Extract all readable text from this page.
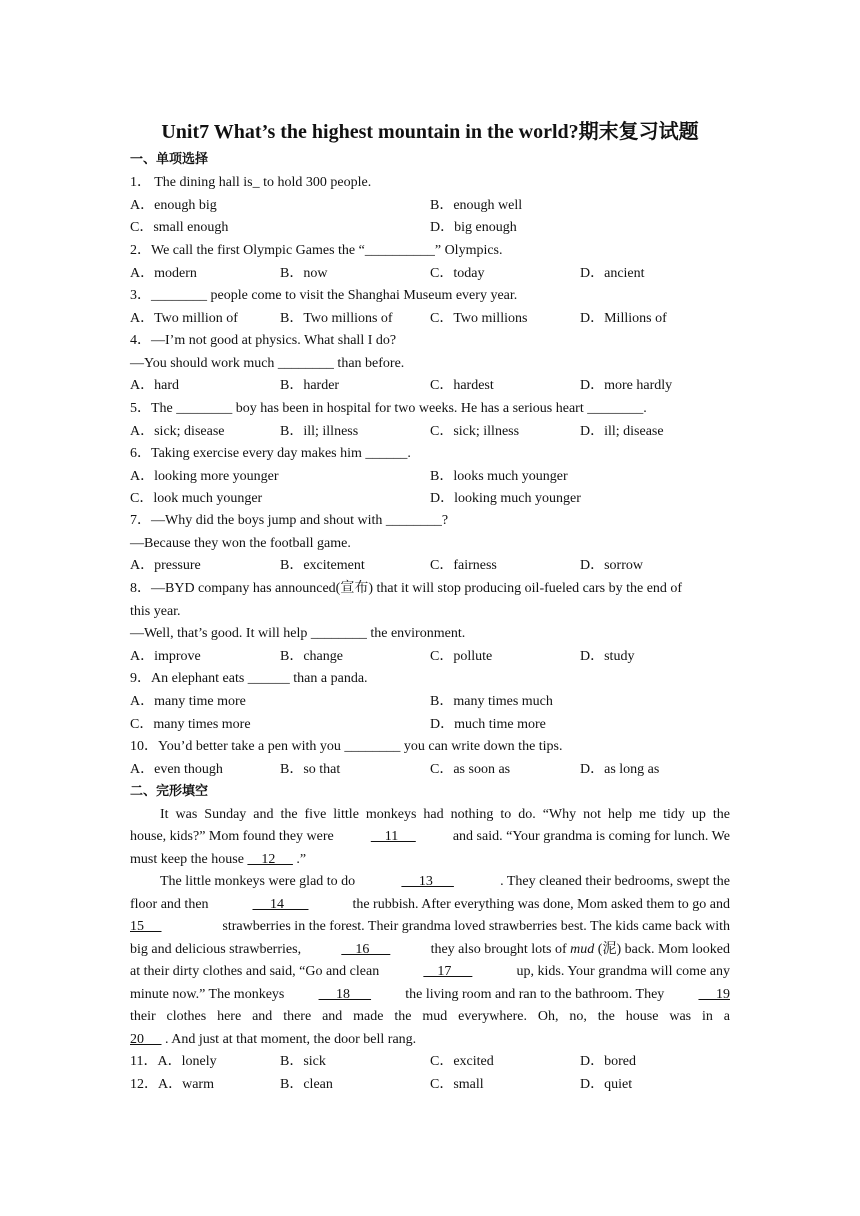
Unit7 What’s the highest mountain in the world?期末复习试题
一、单项选择
1． The dining hall is_ to hold 300 people.
A．enough big	B．enough well
C．small enough	D．big enough
2．We call the first Olympic Games the “__________” Olympics.
A．modern	B．now	C．today	D．ancient
3．________ people come to visit the Shanghai Museum every year.
A．Two million of	B．Two millions of	C．Two millions	D．Millions of
4．—I’m not good at physics. What shall I do?
—You should work much ________ than before.
A．hard	B．harder	C．hardest	D．more hardly
5．The ________ boy has been in hospital for two weeks. He has a serious heart ________.
A．sick; disease	B．ill; illness	C．sick; illness	D．ill; disease
6．Taking exercise every day makes him ______.
A．looking more younger	B．looks much younger
C．look much younger	D．looking much younger
7．—Why did the boys jump and shout with ________?
—Because they won the football game.
A．pressure	B．excitement	C．fairness	D．sorrow
8．—BYD company has announced(宣布) that it will stop producing oil-fueled cars by the end of
this year.
—Well, that’s good. It will help ________ the environment.
A．improve	B．change	C．pollute	D．study
9．An elephant eats ______ than a panda.
A．many time more	B．many times much
C．many times more	D．much time more
10．You’d better take a pen with you ________ you can write down the tips.
A．even though	B．so that	C．as soon as	D．as long as
二、完形填空
It was Sunday and the five little monkeys had nothing to do. “Why not help me tidy up the
house, kids?” Mom found they were	11	and said. “Your grandma is coming for lunch. We
must keep the house     12      .”
The little monkeys were glad to do	13	. They cleaned their bedrooms, swept the
floor and then	14	the rubbish. After everything was done, Mom asked them to go and
15	strawberries in the forest. Their grandma loved strawberries best. The kids came back with
big and delicious strawberries,	16	they also brought lots of mud (泥) back. Mom looked
at their dirty clothes and said, “Go and clean	17	up, kids. Your grandma will come any
minute now.” The monkeys 18 the living room and ran to the bathroom. They 19
their clothes here and there and made the mud everywhere. Oh, no, the house was in a
20      . And just at that moment, the door bell rang.
11．A．lonely	B．sick	C．excited	D．bored
12．A．warm	B．clean	C．small	D．quiet
